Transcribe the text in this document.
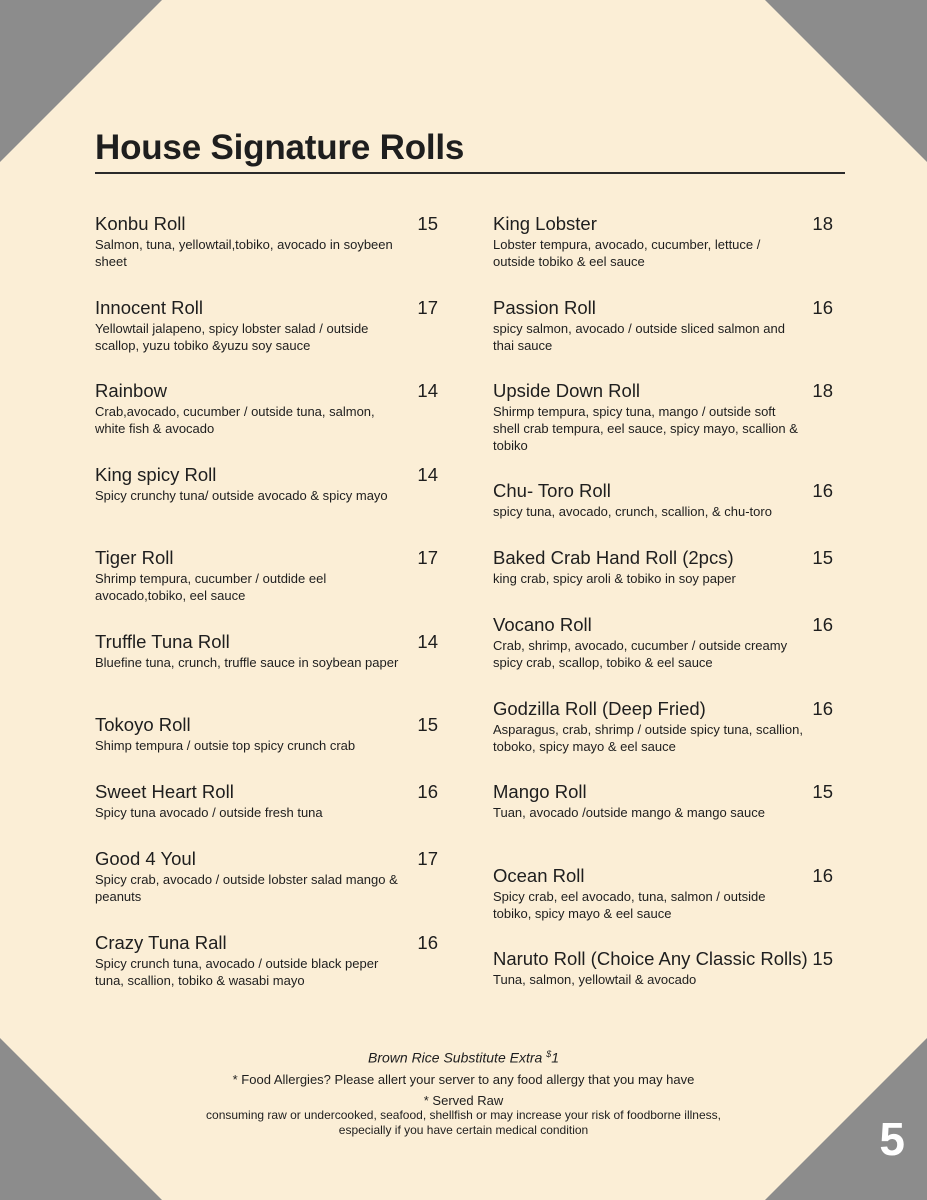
House Signature Rolls
Konbu Roll	15
Salmon, tuna, yellowtail,tobiko, avocado in soybeen sheet
Innocent Roll	17
Yellowtail jalapeno, spicy lobster salad / outside scallop, yuzu tobiko &yuzu soy sauce
Rainbow	14
Crab,avocado, cucumber / outside tuna, salmon, white fish & avocado
King spicy Roll	14
Spicy crunchy tuna/ outside avocado & spicy mayo
Tiger Roll	17
Shrimp tempura, cucumber / outdide eel avocado,tobiko, eel sauce
Truffle Tuna Roll	14
Bluefine tuna, crunch, truffle sauce in soybean paper
Tokoyo Roll	15
Shimp tempura / outsie top spicy crunch crab
Sweet Heart Roll	16
Spicy tuna avocado / outside fresh tuna
Good 4 Youl	17
Spicy crab, avocado / outside lobster salad mango & peanuts
Crazy Tuna Rall	16
Spicy crunch tuna, avocado / outside black peper tuna, scallion, tobiko & wasabi mayo
King Lobster	18
Lobster tempura, avocado, cucumber, lettuce / outside tobiko & eel sauce
Passion Roll	16
spicy salmon, avocado / outside sliced salmon and thai sauce
Upside Down Roll	18
Shirmp tempura, spicy tuna, mango / outside soft shell crab tempura, eel sauce, spicy mayo, scallion & tobiko
Chu- Toro Roll	16
spicy tuna, avocado, crunch, scallion, & chu-toro
Baked Crab Hand Roll (2pcs)	15
king crab, spicy aroli & tobiko in soy paper
Vocano Roll	16
Crab, shrimp, avocado, cucumber / outside creamy spicy crab, scallop, tobiko & eel sauce
Godzilla Roll (Deep Fried)	16
Asparagus, crab, shrimp / outside spicy tuna, scallion, toboko, spicy mayo & eel sauce
Mango Roll	15
Tuan, avocado /outside mango & mango sauce
Ocean Roll	16
Spicy crab, eel avocado, tuna, salmon / outside tobiko, spicy mayo & eel sauce
Naruto Roll (Choice Any Classic Rolls) 15
Tuna, salmon, yellowtail & avocado
Brown Rice Substitute Extra $1
* Food Allergies? Please allert your server to any food allergy that you may have
* Served Raw
consuming raw or undercooked, seafood, shellfish or may increase your risk of foodborne illness,
especially if you have certain medical condition	5
